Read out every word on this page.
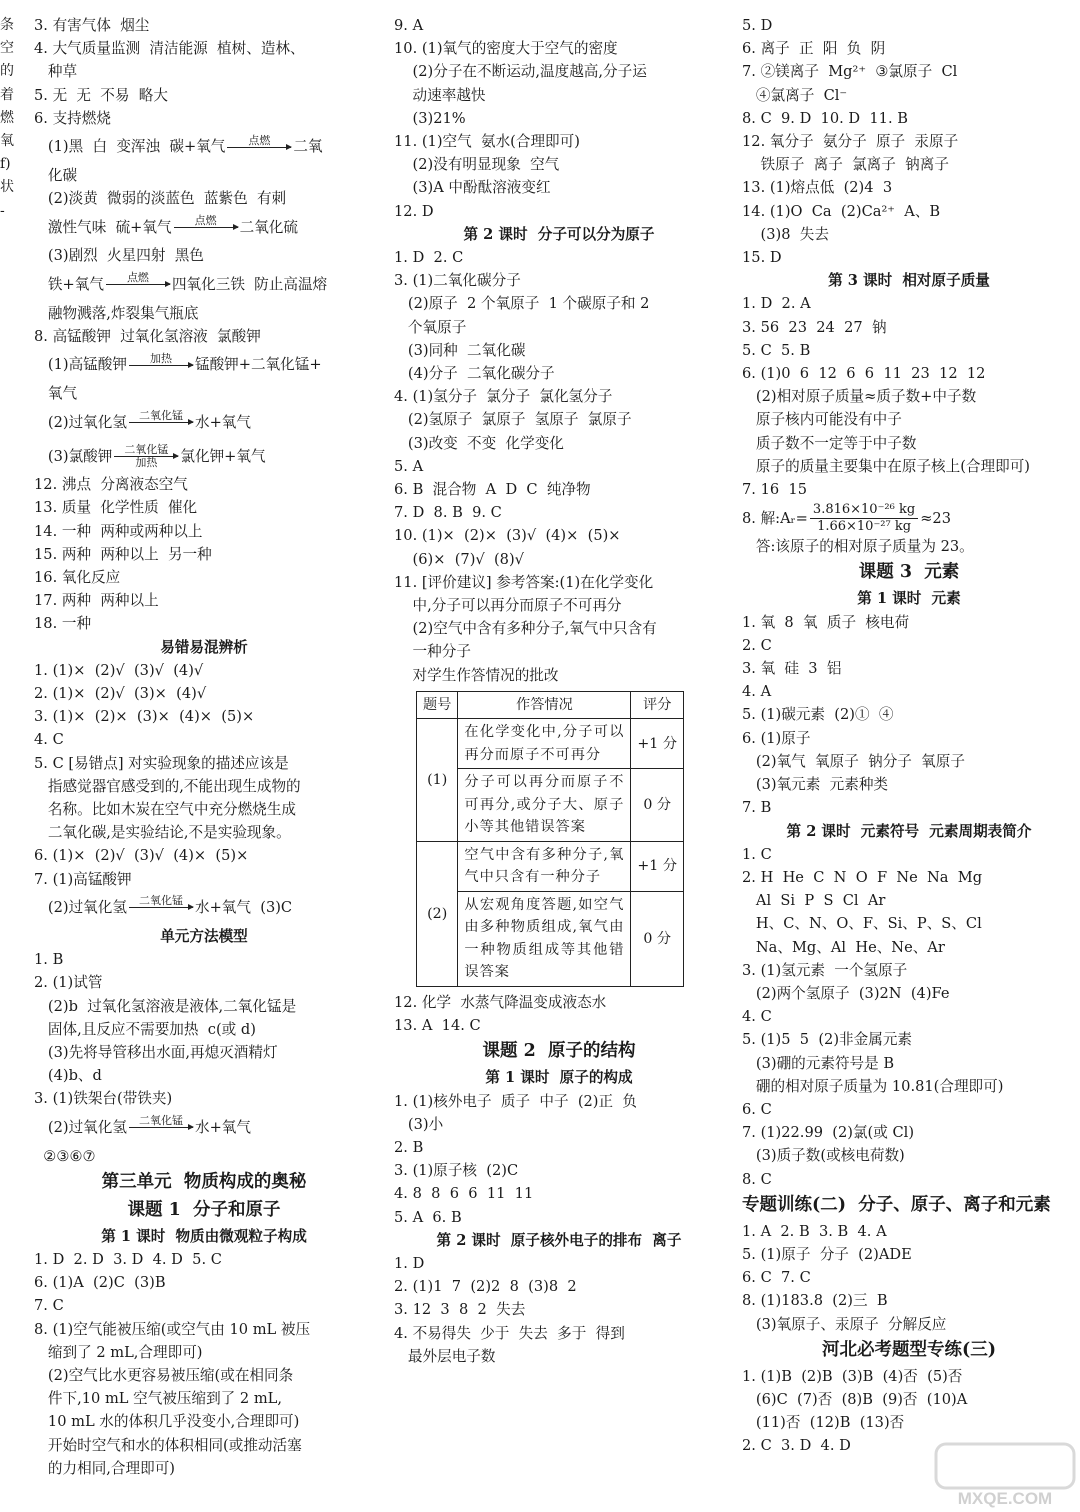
条
空
的
着
燃
氧
f)
状
-
3. 有害气体  烟尘
4. 大气质量监测  清洁能源  植树、造林、
种草
5. 无  无  不易  略大
6. 支持燃烧
(1)黑  白  变浑浊  碳+氧气 点燃 二氧
化碳
(2)淡黄  微弱的淡蓝色  蓝紫色  有刺
激性气味  硫+氧气 点燃 二氧化硫
(3)剧烈  火星四射  黑色
铁+氧气 点燃 四氧化三铁  防止高温熔
融物溅落,炸裂集气瓶底
8. 高锰酸钾  过氧化氢溶液  氯酸钾
(1)高锰酸钾 加热 锰酸钾+二氧化锰+
氧气
(2)过氧化氢 二氧化锰 水+氧气
(3)氯酸钾 二氧化锰
加热 氯化钾+氧气
12. 沸点  分离液态空气
13. 质量  化学性质  催化
14. 一种  两种或两种以上
15. 两种  两种以上  另一种
16. 氧化反应
17. 两种  两种以上
18. 一种
易错易混辨析
1. (1)×  (2)√  (3)√  (4)√
2. (1)×  (2)√  (3)×  (4)√
3. (1)×  (2)×  (3)×  (4)×  (5)×
4. C
5. C [易错点] 对实验现象的描述应该是
指感觉器官感受到的,不能出现生成物的
名称。比如木炭在空气中充分燃烧生成
二氧化碳,是实验结论,不是实验现象。
6. (1)×  (2)√  (3)√  (4)×  (5)×
7. (1)高锰酸钾
(2)过氧化氢 二氧化锰 水+氧气  (3)C
单元方法模型
1. B
2. (1)试管
(2)b  过氧化氢溶液是液体,二氧化锰是
固体,且反应不需要加热  c(或 d)
(3)先将导管移出水面,再熄灭酒精灯
(4)b、d
3. (1)铁架台(带铁夹)
(2)过氧化氢 二氧化锰 水+氧气
②③⑥⑦
第三单元  物质构成的奥秘
课题 1  分子和原子
第 1 课时  物质由微观粒子构成
1. D  2. D  3. D  4. D  5. C
6. (1)A  (2)C  (3)B
7. C
8. (1)空气能被压缩(或空气由 10 mL 被压
缩到了 2 mL,合理即可)
(2)空气比水更容易被压缩(或在相同条
件下,10 mL 空气被压缩到了 2 mL,
10 mL 水的体积几乎没变小,合理即可)
开始时空气和水的体积相同(或推动活塞
的力相同,合理即可)
9. A
10. (1)氧气的密度大于空气的密度
(2)分子在不断运动,温度越高,分子运
动速率越快
(3)21%
11. (1)空气  氨水(合理即可)
(2)没有明显现象  空气
(3)A 中酚酞溶液变红
12. D
第 2 课时  分子可以分为原子
1. D  2. C
3. (1)二氧化碳分子
(2)原子  2 个氧原子  1 个碳原子和 2
个氧原子
(3)同种  二氧化碳
(4)分子  二氧化碳分子
4. (1)氢分子  氯分子  氯化氢分子
(2)氢原子  氯原子  氢原子  氯原子
(3)改变  不变  化学变化
5. A
6. B  混合物  A  D  C  纯净物
7. D  8. B  9. C
10. (1)×  (2)×  (3)√  (4)×  (5)×
(6)×  (7)√  (8)√
11. [评价建议] 参考答案:(1)在化学变化
中,分子可以再分而原子不可再分
(2)空气中含有多种分子,氧气中只含有
一种分子
对学生作答情况的批改
题号	作答情况	评分
(1)	在化学变化中,分子可以再分而原子不可再分	+1 分
	分子可以再分而原子不可再分,或分子大、原子小等其他错误答案	0 分
(2)	空气中含有多种分子,氧气中只含有一种分子	+1 分
	从宏观角度答题,如空气由多种物质组成,氧气由一种物质组成等其他错误答案	0 分
12. 化学  水蒸气降温变成液态水
13. A  14. C
课题 2  原子的结构
第 1 课时  原子的构成
1. (1)核外电子  质子  中子  (2)正  负
(3)小
2. B
3. (1)原子核  (2)C
4. 8  8  6  6  11  11
5. A  6. B
第 2 课时  原子核外电子的排布  离子
1. D
2. (1)1  7  (2)2  8  (3)8  2
3. 12  3  8  2  失去
4. 不易得失  少于  失去  多于  得到
最外层电子数
5. D
6. 离子  正  阳  负  阴
7. ②镁离子  Mg²⁺  ③氯原子  Cl
④氯离子  Cl⁻
8. C  9. D  10. D  11. B
12. 氧分子  氨分子  原子  汞原子
铁原子  离子  氯离子  钠离子
13. (1)熔点低  (2)4  3
14. (1)O  Ca  (2)Ca²⁺  A、B
(3)8  失去
15. D
第 3 课时  相对原子质量
1. D  2. A
3. 56  23  24  27  钠
5. C  5. B
6. (1)0  6  12  6  6  11  23  12  12
(2)相对原子质量≈质子数+中子数
原子核内可能没有中子
质子数不一定等于中子数
原子的质量主要集中在原子核上(合理即可)
7. 16  15
8. 解:Aᵣ= $\frac{\text{3.816×10⁻²⁶ kg}}{\text{1.66×10⁻²⁷ kg}} \approx 23$
答:该原子的相对原子质量为 23。
课题 3  元素
第 1 课时  元素
1. 氧  8  氧  质子  核电荷
2. C
3. 氧  硅  3  铝
4. A
5. (1)碳元素  (2)①  ④
6. (1)原子
(2)氧气  氧原子  钠分子  氧原子
(3)氧元素  元素种类
7. B
第 2 课时  元素符号  元素周期表简介
1. C
2. H  He  C  N  O  F  Ne  Na  Mg
Al  Si  P  S  Cl  Ar
H、C、N、O、F、Si、P、S、Cl
Na、Mg、Al  He、Ne、Ar
3. (1)氢元素  一个氢原子
(2)两个氢原子  (3)2N  (4)Fe
4. C
5. (1)5  5  (2)非金属元素
(3)硼的元素符号是 B
硼的相对原子质量为 10.81(合理即可)
6. C
7. (1)22.99  (2)氯(或 Cl)
(3)质子数(或核电荷数)
8. C
专题训练(二)  分子、原子、离子和元素
1. A  2. B  3. B  4. A
5. (1)原子  分子  (2)ADE
6. C  7. C
8. (1)183.8  (2)三  B
(3)氧原子、汞原子  分解反应
河北必考题型专练(三)
1. (1)B  (2)B  (3)B  (4)否  (5)否
(6)C  (7)否  (8)B  (9)否  (10)A
(11)否  (12)B  (13)否
2. C  3. D  4. D
MXQE.COM
